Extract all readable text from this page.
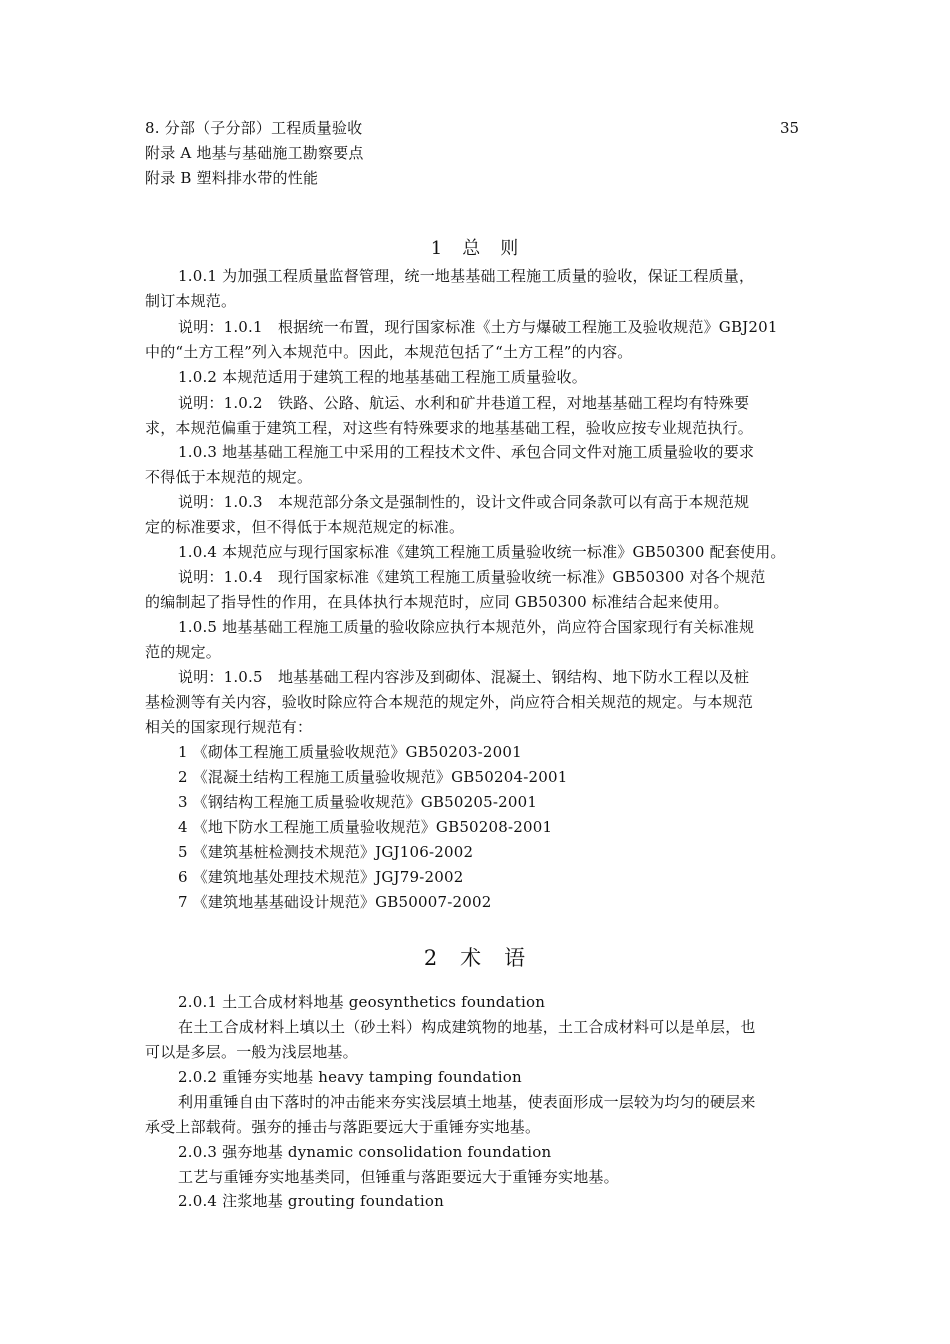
8. 分部（子分部）工程质量验收	35
附录 A 地基与基础施工勘察要点
附录 B 塑料排水带的性能
1　总　则
1.0.1 为加强工程质量监督管理，统一地基基础工程施工质量的验收，保证工程质量，
制订本规范。
说明：1.0.1　根据统一布置，现行国家标准《土方与爆破工程施工及验收规范》GBJ201
中的“土方工程”列入本规范中。因此，本规范包括了“土方工程”的内容。
1.0.2 本规范适用于建筑工程的地基基础工程施工质量验收。
说明：1.0.2　铁路、公路、航运、水利和矿井巷道工程，对地基基础工程均有特殊要
求，本规范偏重于建筑工程，对这些有特殊要求的地基基础工程，验收应按专业规范执行。
1.0.3 地基基础工程施工中采用的工程技术文件、承包合同文件对施工质量验收的要求
不得低于本规范的规定。
说明：1.0.3　本规范部分条文是强制性的，设计文件或合同条款可以有高于本规范规
定的标准要求，但不得低于本规范规定的标准。
1.0.4 本规范应与现行国家标准《建筑工程施工质量验收统一标准》GB50300 配套使用。
说明：1.0.4　现行国家标准《建筑工程施工质量验收统一标准》GB50300 对各个规范
的编制起了指导性的作用，在具体执行本规范时，应同 GB50300 标准结合起来使用。
1.0.5 地基基础工程施工质量的验收除应执行本规范外，尚应符合国家现行有关标准规
范的规定。
说明：1.0.5　地基基础工程内容涉及到砌体、混凝土、钢结构、地下防水工程以及桩
基检测等有关内容，验收时除应符合本规范的规定外，尚应符合相关规范的规定。与本规范
相关的国家现行规范有：
1 《砌体工程施工质量验收规范》GB50203-2001
2 《混凝土结构工程施工质量验收规范》GB50204-2001
3 《钢结构工程施工质量验收规范》GB50205-2001
4 《地下防水工程施工质量验收规范》GB50208-2001
5 《建筑基桩检测技术规范》JGJ106-2002
6 《建筑地基处理技术规范》JGJ79-2002
7 《建筑地基基础设计规范》GB50007-2002
2　术　语
2.0.1 土工合成材料地基 geosynthetics foundation
在土工合成材料上填以土（砂土料）构成建筑物的地基，土工合成材料可以是单层，也
可以是多层。一般为浅层地基。
2.0.2 重锤夯实地基 heavy tamping foundation
利用重锤自由下落时的冲击能来夯实浅层填土地基，使表面形成一层较为均匀的硬层来
承受上部载荷。强夯的捶击与落距要远大于重锤夯实地基。
2.0.3 强夯地基 dynamic consolidation foundation
工艺与重锤夯实地基类同，但锤重与落距要远大于重锤夯实地基。
2.0.4 注浆地基 grouting foundation
